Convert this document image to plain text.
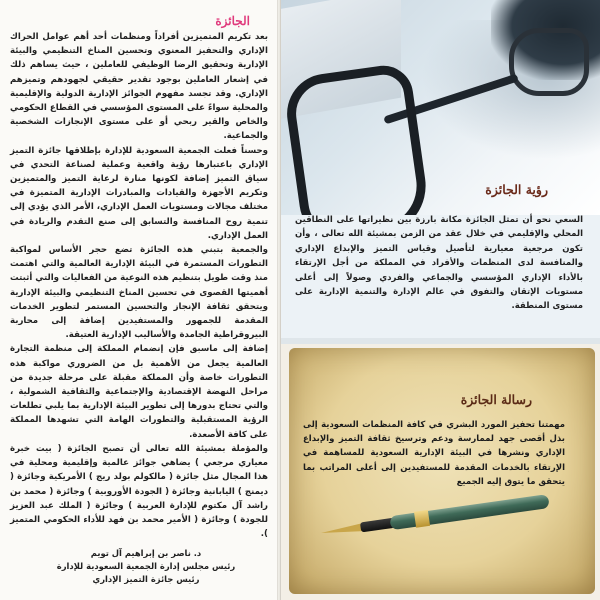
الجائزة

بعد تكريم المتميزين أفراداً ومنظمات أحد أهم عوامل الحراك الإداري والتحفيز المعنوي وتحسين المناخ التنظيمي والبيئة الإدارية وتحقيق الرضا الوظيفي للعاملين ، حيث يساهم ذلك في إشعار العاملين بوجود تقدير حقيقي لجهودهم وتميزهم الإداري. وقد تجسد مفهوم الجوائز الإدارية الدولية والإقليمية والمحلية سواءً على المستوى المؤسسي في القطاع الحكومي والخاص والقير ربحي أو على مستوى الإنجازات الشخصية والجماعية.

وحسناً فعلت الجمعية السعودية للإدارة بإطلاقها جائزة التميز الإداري باعتبارها رؤية واقعية وعملية لصناعة التحدي في سياق التميز إضافة لكونها منارة لرعاية التميز والمتميزين وتكريم الأجهزة والقيادات والمبادرات الإدارية المتميزة في مختلف مجالات ومستويات العمل الإداري، الأمر الذي يؤدي إلى تنمية روح المنافسة والتسابق إلى صنع التقدم والريادة في العمل الإداري.

والجمعية بتبني هذه الجائزة تضع حجر الأساس لمواكبة التطورات المستمرة في البيئة الإدارية العالمية والتي اهتمت منذ وقت طويل بتنظيم هذه النوعية من الفعاليات والتي أثبتت أهميتها القصوى في تحسين المناخ التنظيمي والبيئة الإدارية ويتحقق ثقافة الإنجاز والتحسين المستمر لتطوير الخدمات المقدمة للجمهور والمستفيدين إضافة إلى محاربة البيروقراطية الجامدة والأساليب الإدارية العتيقة.

إضافة إلى ماسبق فإن إنضمام المملكة إلى منظمة التجارة العالمية يجعل من الأهمية بل من الضروري مواكبة هذه التطورات خاصة وأن المملكة مقبلة على مرحلة جديدة من مراحل النهضة الإقتصادية والإجتماعية والثقافية الشمولية ، والتي تحتاج بدورها إلى تطوير البيئة الإدارية بما يلبي تطلعات الرؤية المستقبلية والتطورات الهامة التي تشهدها المملكة على كافة الأصعدة.

والمؤملة بمشيئة الله تعالى أن تصبح الجائزة ( بيت خبرة معياري مرجعي ) يضاهي جوائز عالمية وإقليمية ومحلية في هذا المجال مثل جائزة ( مالكولم بولد ريج ) الأمريكية وجائزة ( ديمنج ) اليابانية وجائزة ( الجودة الأوروبية ) وجائزة ( محمد بن راشد آل مكتوم للإدارة العربية ) وجائزة ( الملك عبد العزيز للجودة ) وجائزة ( الأمير محمد بن فهد للأداء الحكومي المتميز ).

د. ناصر بن إبراهيم آل تويم
رئيس مجلس إدارة الجمعية السعودية للإدارة
رئيس جائزة التميز الإداري
رؤية الجائزة
السعي نحو أن تمثل الجائزة مكانة بارزة بين نظيراتها على النطاقين المحلي والإقليمي في خلال عقد من الزمن بمشيئة الله تعالى ، وأن تكون مرجعية معيارية لتأصيل وقياس التميز والإبداع الإداري والمنافسة لدى المنظمات والأفراد في المملكة من أجل الإرتقاء بالأداء الإداري المؤسسي والجماعي والفردي وصولاً إلى أعلى مستويات الإتقان والتفوق في عالم الإدارة والتنمية الإدارية على مستوى المنطقة.
رسالة الجائزة
مهمتنا تحفيز المورد البشري في كافة المنظمات السعودية إلى بذل أقصى جهد لممارسة ودعم وترسيخ ثقافة التميز والإبداع الإداري ونشرها في البيئة الإدارية السعودية للمساهمة في الإرتقاء بالخدمات المقدمة للمستفيدين إلى أعلى المراتب بما يتحقق ما يتوق إليه الجميع
